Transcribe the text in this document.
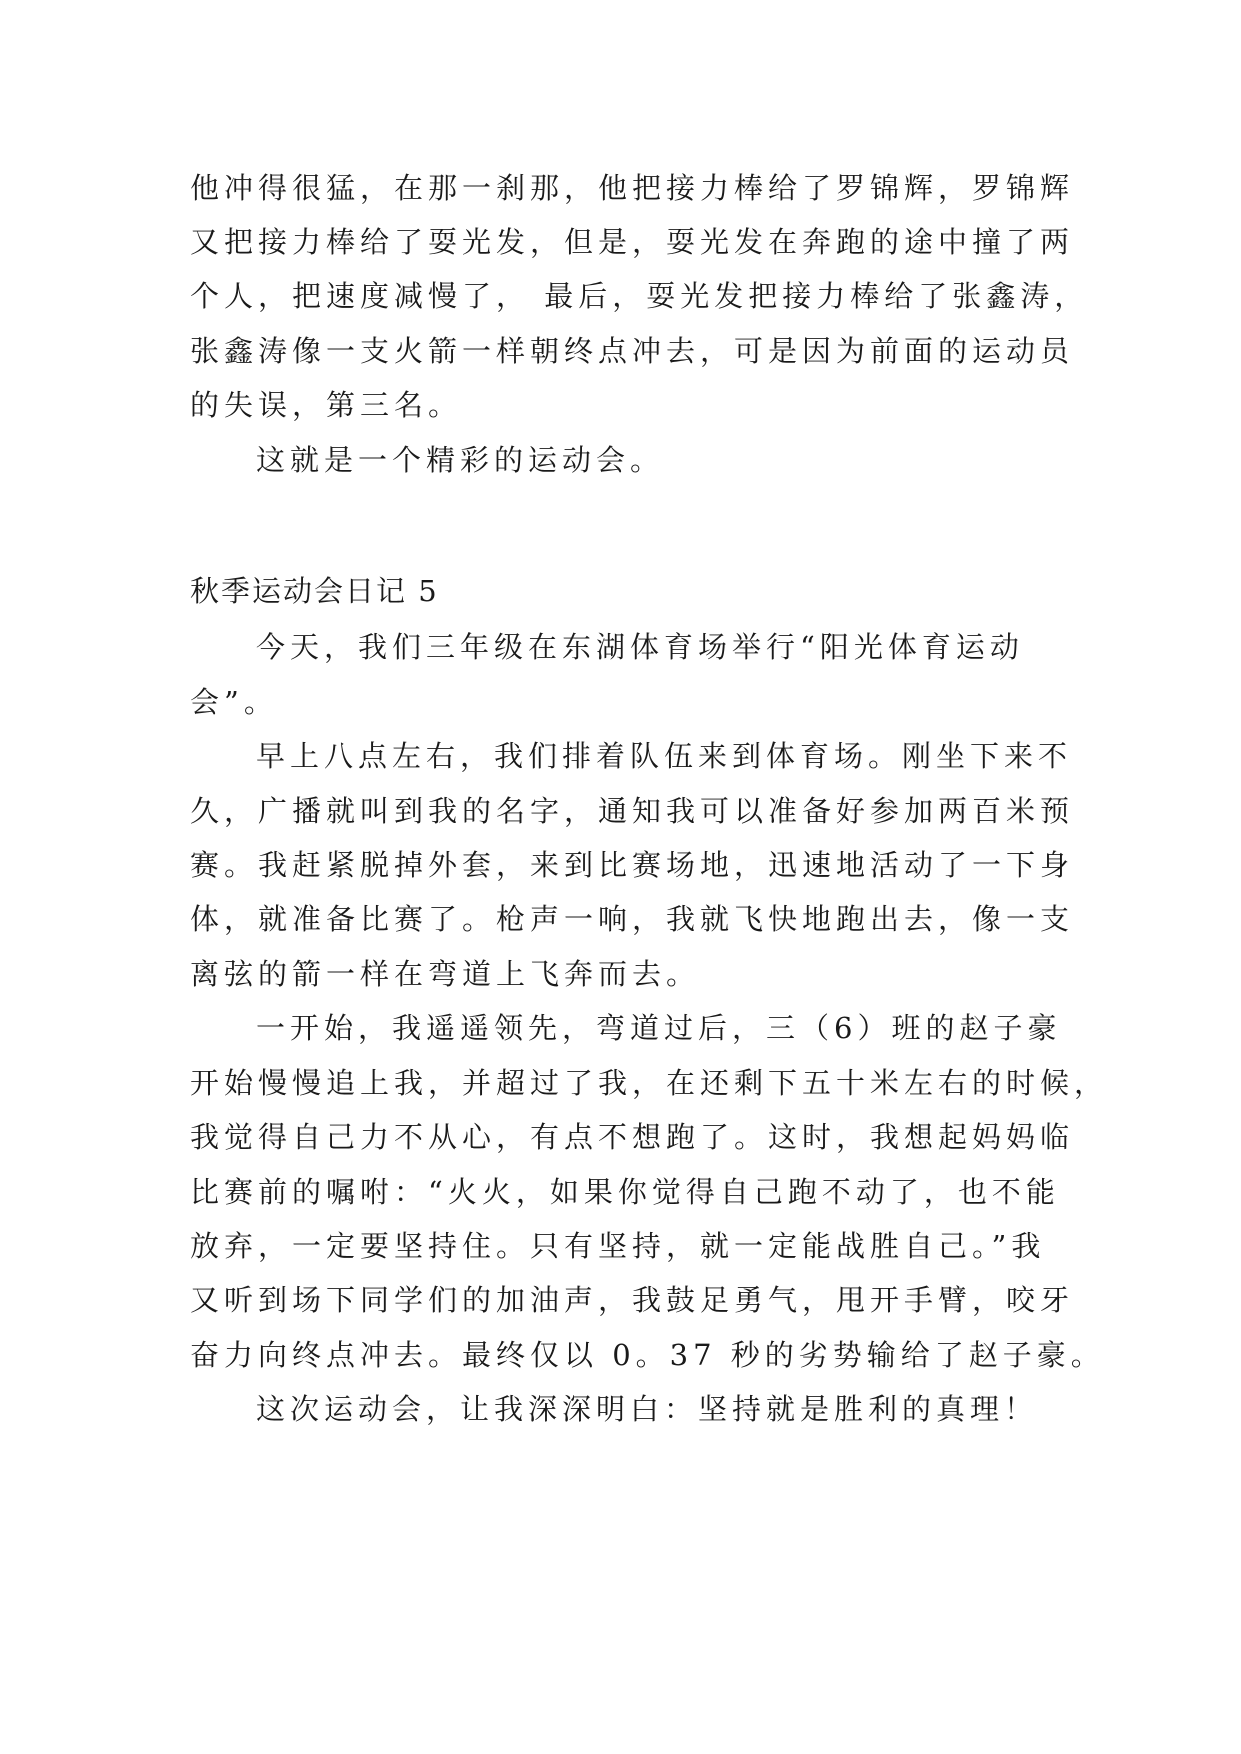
他冲得很猛，在那一刹那，他把接力棒给了罗锦辉，罗锦辉

又把接力棒给了耍光发，但是，耍光发在奔跑的途中撞了两

个人，把速度减慢了， 最后，耍光发把接力棒给了张鑫涛，

张鑫涛像一支火箭一样朝终点冲去，可是因为前面的运动员

的失误，第三名。

这就是一个精彩的运动会。

秋季运动会日记 5

今天，我们三年级在东湖体育场举行“阳光体育运动

会”。

早上八点左右，我们排着队伍来到体育场。刚坐下来不

久，广播就叫到我的名字，通知我可以准备好参加两百米预

赛。我赶紧脱掉外套，来到比赛场地，迅速地活动了一下身

体，就准备比赛了。枪声一响，我就飞快地跑出去，像一支

离弦的箭一样在弯道上飞奔而去。

一开始，我遥遥领先，弯道过后，三（6）班的赵子豪

开始慢慢追上我，并超过了我，在还剩下五十米左右的时候，

我觉得自己力不从心，有点不想跑了。这时，我想起妈妈临

比赛前的嘱咐：“火火，如果你觉得自己跑不动了，也不能

放弃，一定要坚持住。只有坚持，就一定能战胜自己。”我

又听到场下同学们的加油声，我鼓足勇气，甩开手臂，咬牙

奋力向终点冲去。最终仅以 0。37 秒的劣势输给了赵子豪。

这次运动会，让我深深明白：坚持就是胜利的真理！
